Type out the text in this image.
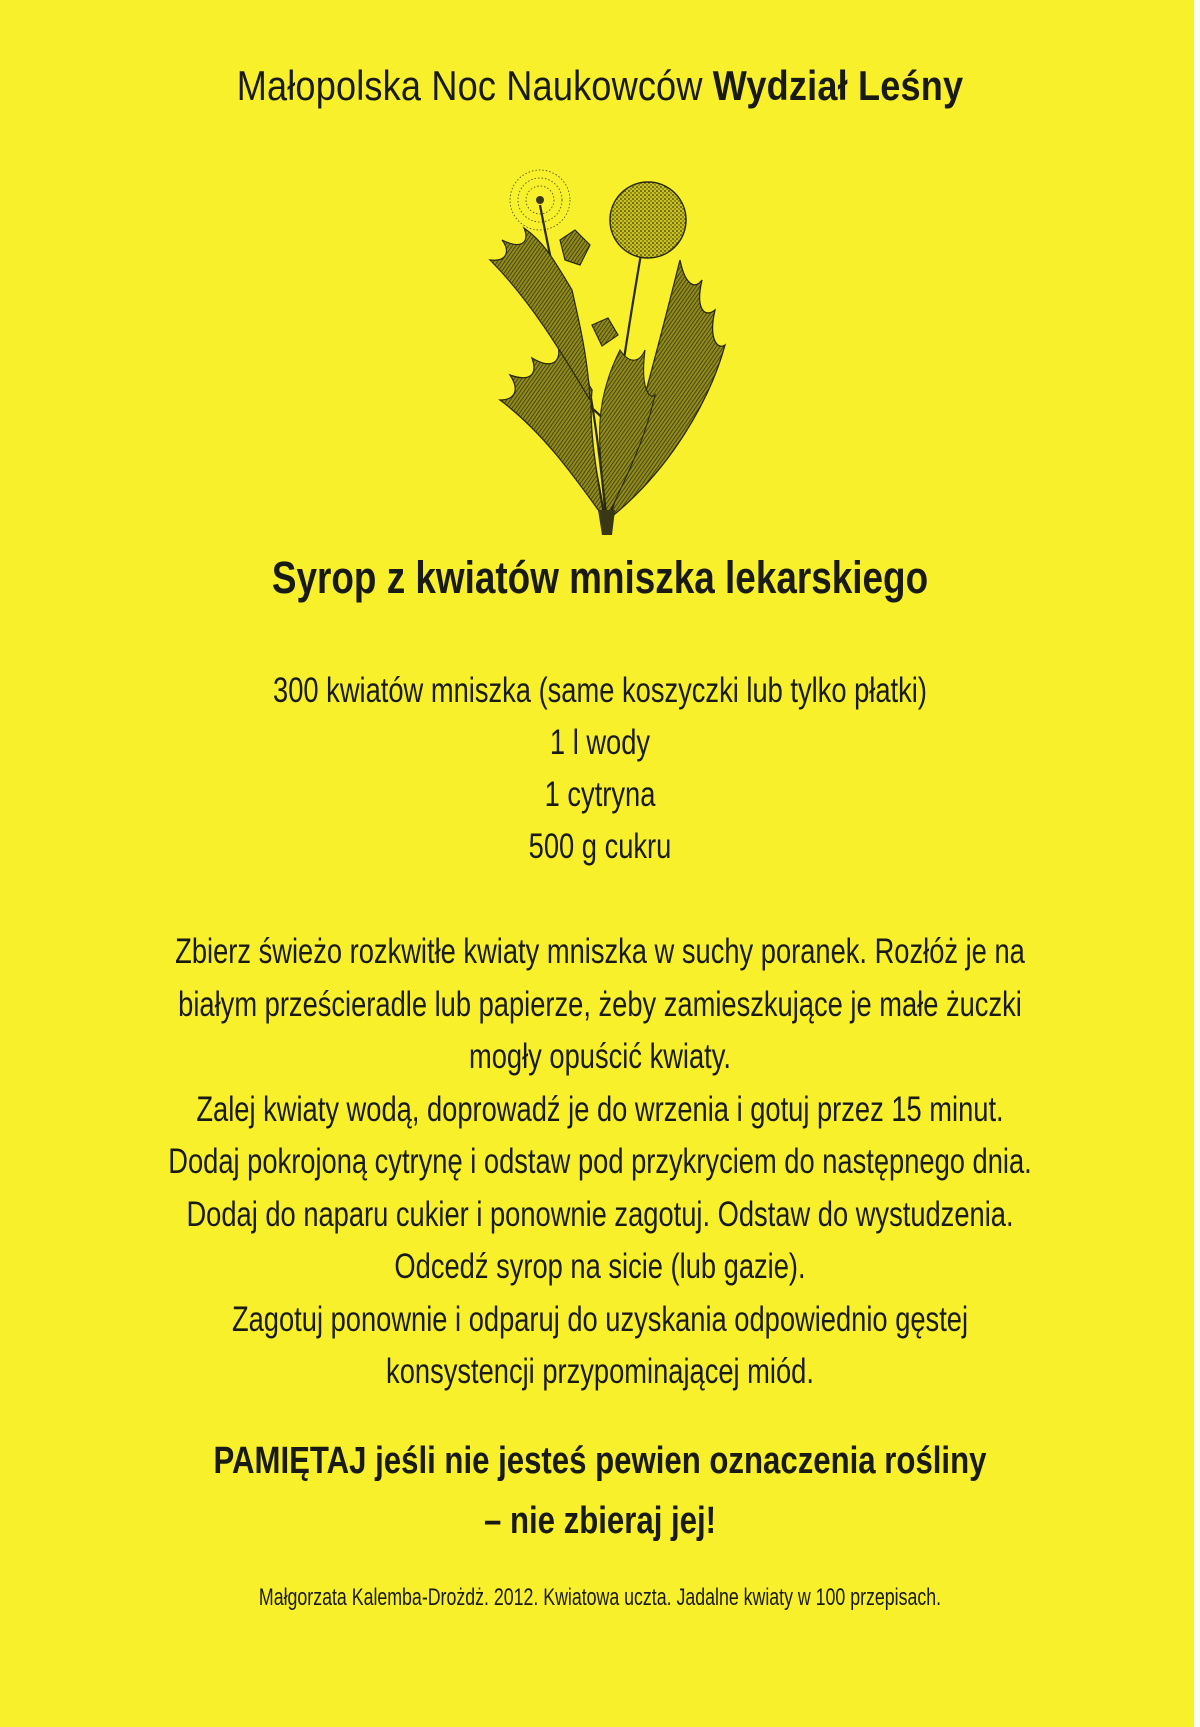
Małopolska Noc Naukowców Wydział Leśny
Syrop z kwiatów mniszka lekarskiego
300 kwiatów mniszka (same koszyczki lub tylko płatki)
1 l wody
1 cytryna
500 g cukru
Zbierz świeżo rozkwitłe kwiaty mniszka w suchy poranek. Rozłóż je na
białym prześcieradle lub papierze, żeby zamieszkujące je małe żuczki
mogły opuścić kwiaty.
Zalej kwiaty wodą, doprowadź je do wrzenia i gotuj przez 15 minut.
Dodaj pokrojoną cytrynę i odstaw pod przykryciem do następnego dnia.
Dodaj do naparu cukier i ponownie zagotuj. Odstaw do wystudzenia.
Odcedź syrop na sicie (lub gazie).
Zagotuj ponownie i odparuj do uzyskania odpowiednio gęstej
konsystencji przypominającej miód.
PAMIĘTAJ jeśli nie jesteś pewien oznaczenia rośliny
– nie zbieraj jej!
Małgorzata Kalemba-Drożdż. 2012. Kwiatowa uczta. Jadalne kwiaty w 100 przepisach.
